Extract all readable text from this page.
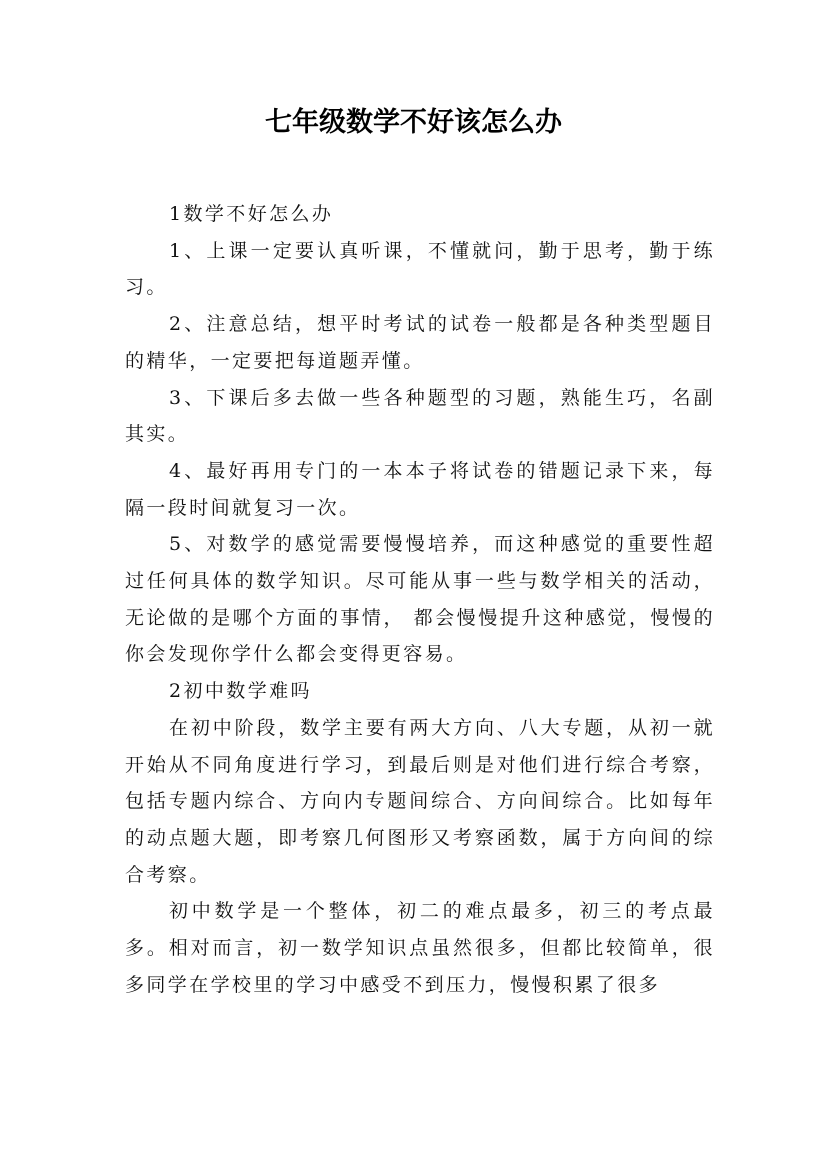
七年级数学不好该怎么办

1数学不好怎么办

1、上课一定要认真听课，不懂就问，勤于思考，勤于练习。

2、注意总结，想平时考试的试卷一般都是各种类型题目的精华，一定要把每道题弄懂。

3、下课后多去做一些各种题型的习题，熟能生巧，名副其实。

4、最好再用专门的一本本子将试卷的错题记录下来，每隔一段时间就复习一次。

5、对数学的感觉需要慢慢培养，而这种感觉的重要性超过任何具体的数学知识。尽可能从事一些与数学相关的活动，无论做的是哪个方面的事情， 都会慢慢提升这种感觉，慢慢的你会发现你学什么都会变得更容易。

2初中数学难吗

在初中阶段，数学主要有两大方向、八大专题，从初一就开始从不同角度进行学习，到最后则是对他们进行综合考察，包括专题内综合、方向内专题间综合、方向间综合。比如每年的动点题大题，即考察几何图形又考察函数，属于方向间的综合考察。

初中数学是一个整体，初二的难点最多，初三的考点最多。相对而言，初一数学知识点虽然很多，但都比较简单，很多同学在学校里的学习中感受不到压力，慢慢积累了很多
